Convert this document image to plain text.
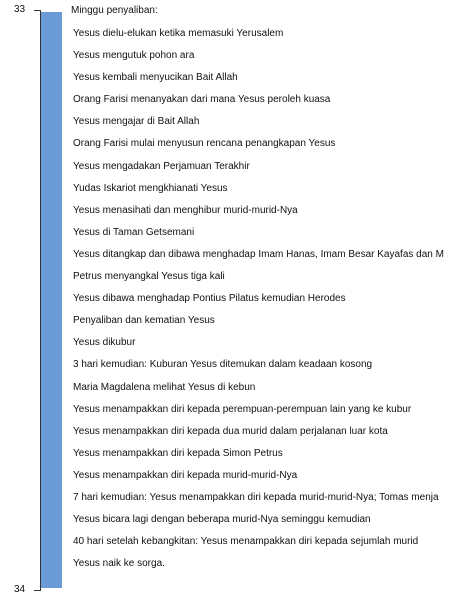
33
34
Minggu penyaliban:
Yesus dielu-elukan ketika memasuki Yerusalem
Yesus mengutuk pohon ara
Yesus kembali menyucikan Bait Allah
Orang Farisi menanyakan dari mana Yesus peroleh kuasa
Yesus mengajar di Bait Allah
Orang Farisi mulai menyusun rencana penangkapan Yesus
Yesus mengadakan Perjamuan Terakhir
Yudas Iskariot mengkhianati Yesus
Yesus menasihati dan menghibur murid-murid-Nya
Yesus di Taman Getsemani
Yesus ditangkap dan dibawa menghadap Imam Hanas, Imam Besar Kayafas dan M
Petrus menyangkal Yesus tiga kali
Yesus dibawa menghadap Pontius Pilatus kemudian Herodes
Penyaliban dan kematian Yesus
Yesus dikubur
3 hari kemudian: Kuburan Yesus ditemukan dalam keadaan kosong
Maria Magdalena melihat Yesus di kebun
Yesus menampakkan diri kepada perempuan-perempuan lain yang ke kubur
Yesus menampakkan diri kepada dua murid dalam perjalanan luar kota
Yesus menampakkan diri kepada Simon Petrus
Yesus menampakkan diri kepada murid-murid-Nya
7 hari kemudian: Yesus menampakkan diri kepada murid-murid-Nya; Tomas menja
Yesus bicara lagi dengan beberapa murid-Nya seminggu kemudian
40 hari setelah kebangkitan: Yesus menampakkan diri kepada sejumlah murid
Yesus naik ke sorga.
